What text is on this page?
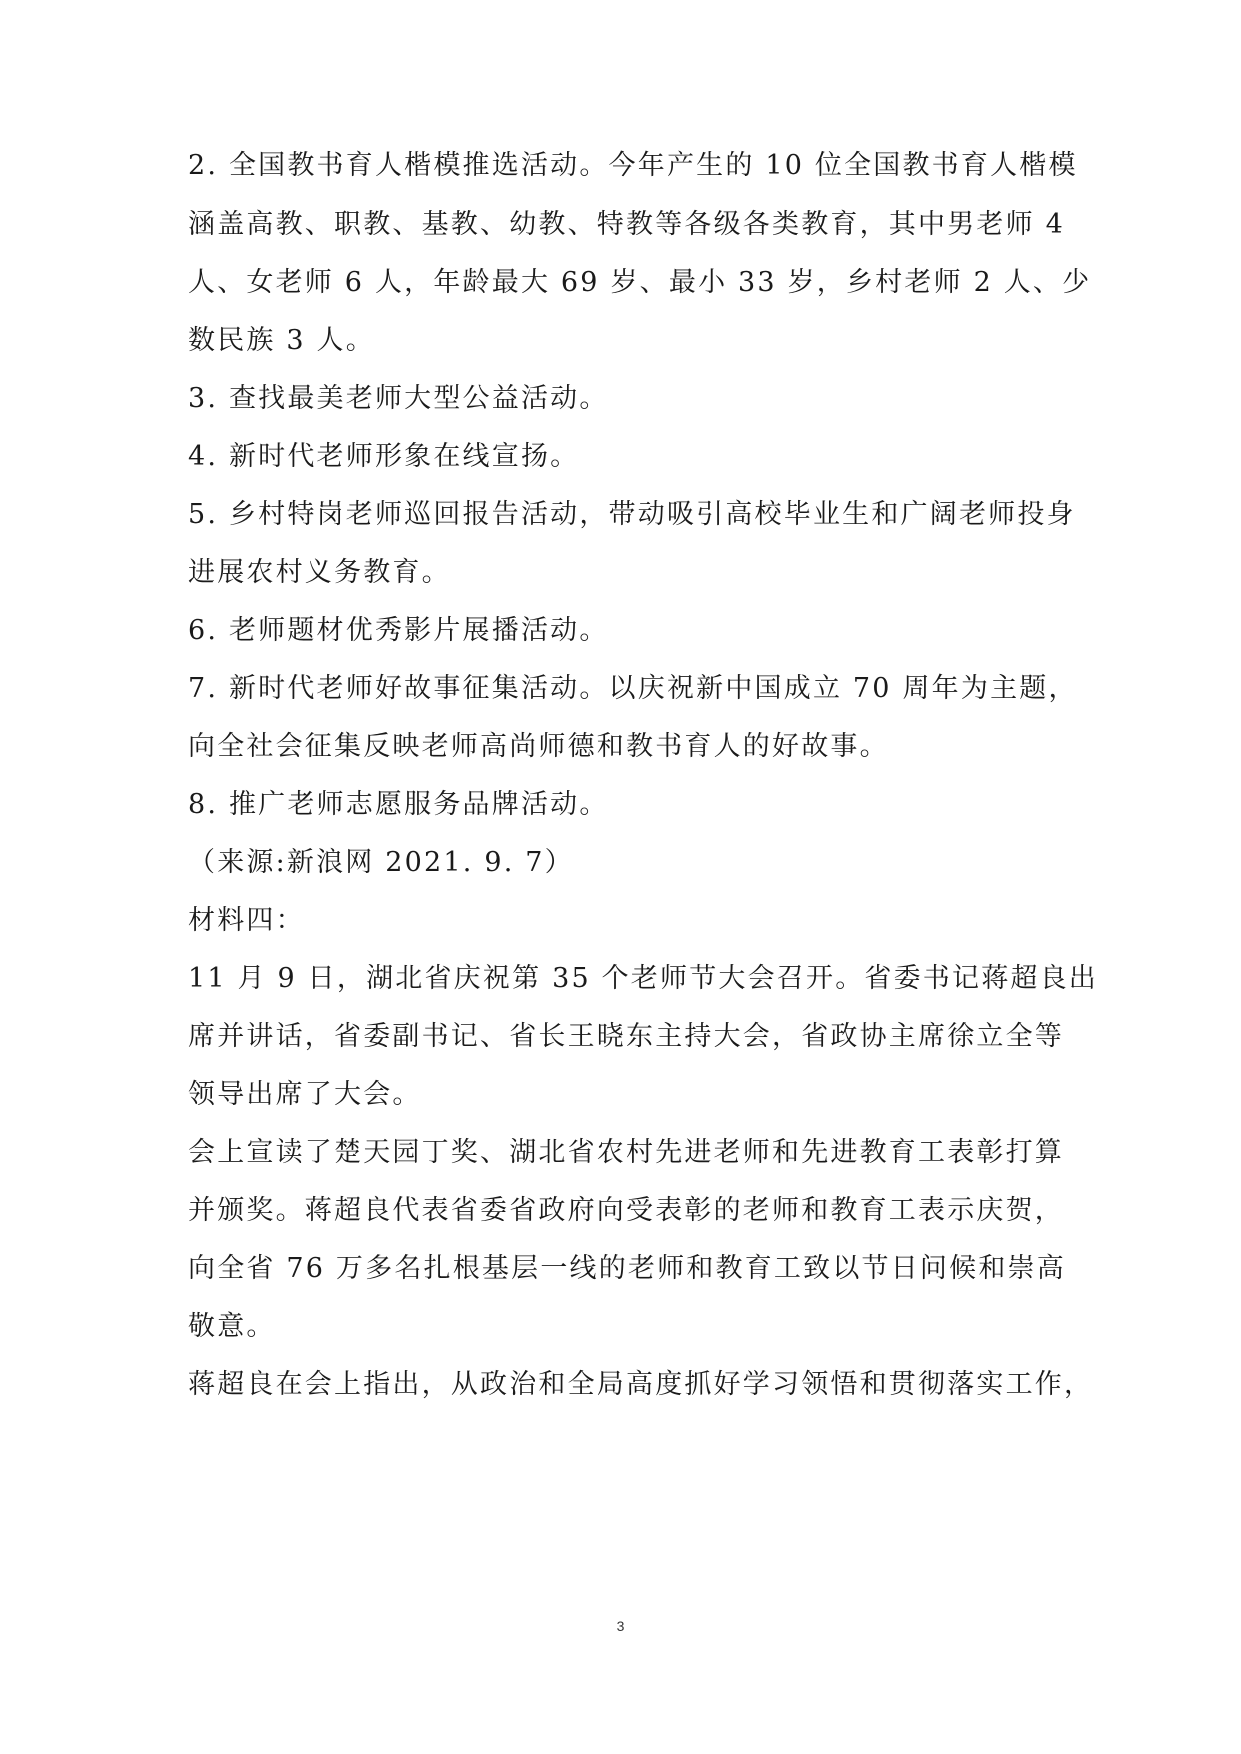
2. 全国教书育人楷模推选活动。今年产生的 10 位全国教书育人楷模
涵盖高教、职教、基教、幼教、特教等各级各类教育，其中男老师 4
人、女老师 6 人，年龄最大 69 岁、最小 33 岁，乡村老师 2 人、少
数民族 3 人。
3. 查找最美老师大型公益活动。
4. 新时代老师形象在线宣扬。
5. 乡村特岗老师巡回报告活动，带动吸引高校毕业生和广阔老师投身
进展农村义务教育。
6. 老师题材优秀影片展播活动。
7. 新时代老师好故事征集活动。以庆祝新中国成立 70 周年为主题，
向全社会征集反映老师高尚师德和教书育人的好故事。
8. 推广老师志愿服务品牌活动。
（来源:新浪网 2021. 9. 7）
材料四：
11 月 9 日，湖北省庆祝第 35 个老师节大会召开。省委书记蒋超良出
席并讲话，省委副书记、省长王晓东主持大会，省政协主席徐立全等
领导出席了大会。
会上宣读了楚天园丁奖、湖北省农村先进老师和先进教育工表彰打算
并颁奖。蒋超良代表省委省政府向受表彰的老师和教育工表示庆贺，
向全省 76 万多名扎根基层一线的老师和教育工致以节日问候和崇高
敬意。
蒋超良在会上指出，从政治和全局高度抓好学习领悟和贯彻落实工作，
3
